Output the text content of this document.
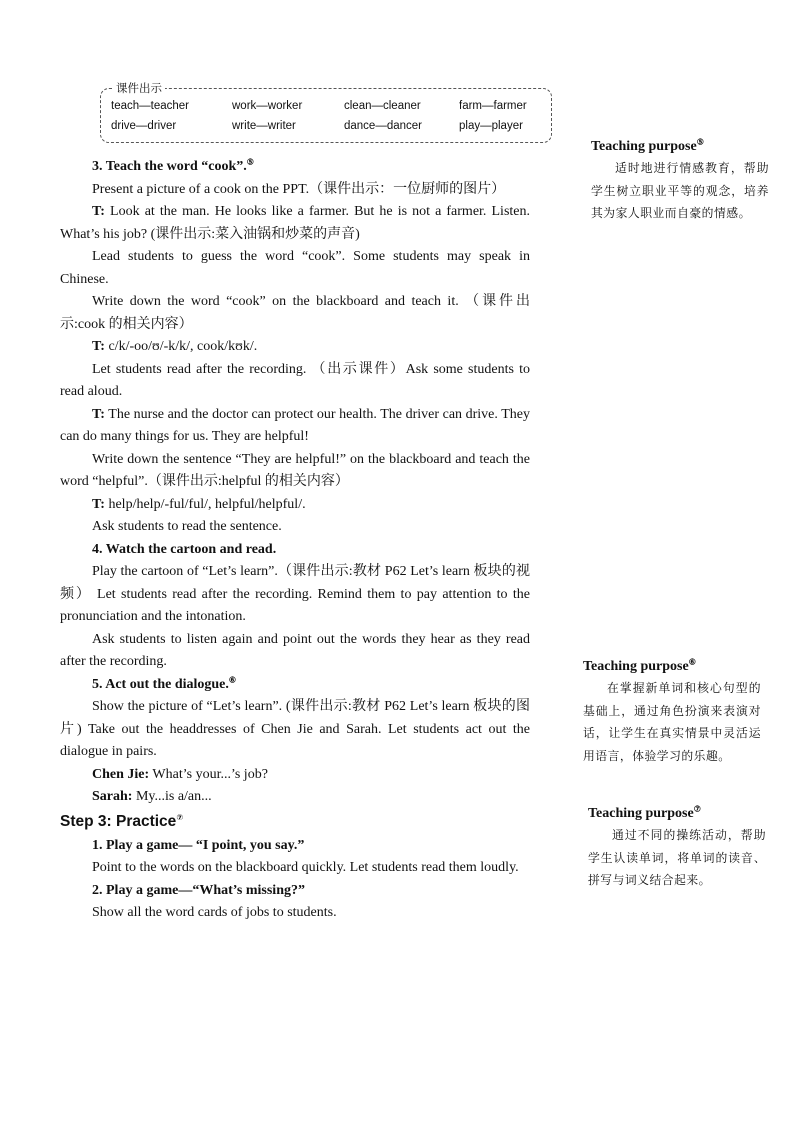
课件出示
teach—teacher	work—worker	clean—cleaner	farm—farmer
drive—driver	write—writer	dance—dancer	play—player

3. Teach the word “cook”.⑤

Present a picture of a cook on the PPT.（课件出示：一位厨师的图片）

T: Look at the man. He looks like a farmer. But he is not a farmer. Listen. What’s his job? (课件出示:菜入油锅和炒菜的声音)

Lead students to guess the word “cook”. Some students may speak in Chinese.

Write down the word “cook” on the blackboard and teach it. （课件出示:cook 的相关内容）

T: c/k/-oo/ʊ/-k/k/, cook/kʊk/.

Let students read after the recording. （出示课件）Ask some students to read aloud.

T: The nurse and the doctor can protect our health. The driver can drive. They can do many things for us. They are helpful!

Write down the sentence “They are helpful!” on the blackboard and teach the word “helpful”.（课件出示:helpful 的相关内容）

T: help/help/-ful/ful/, helpful/helpful/.

Ask students to read the sentence.

4. Watch the cartoon and read.

Play the cartoon of “Let’s learn”.（课件出示:教材 P62 Let’s learn 板块的视频） Let students read after the recording. Remind them to pay attention to the pronunciation and the intonation.

Ask students to listen again and point out the words they hear as they read after the recording.

5. Act out the dialogue.⑥

Show the picture of “Let’s learn”. (课件出示:教材 P62 Let’s learn 板块的图片) Take out the headdresses of Chen Jie and Sarah. Let students act out the dialogue in pairs.

Chen Jie: What’s your...’s job?

Sarah: My...is a/an...

Step 3: Practice⑦

1. Play a game— “I point, you say.”

Point to the words on the blackboard quickly. Let students read them loudly.

2. Play a game—“What’s missing?”

Show all the word cards of jobs to students.

Teaching purpose⑤

适时地进行情感教育，帮助学生树立职业平等的观念，培养其为家人职业而自豪的情感。

Teaching purpose⑥

在掌握新单词和核心句型的基础上，通过角色扮演来表演对话，让学生在真实情景中灵活运用语言，体验学习的乐趣。

Teaching purpose⑦

通过不同的操练活动，帮助学生认读单词，将单词的读音、拼写与词义结合起来。
